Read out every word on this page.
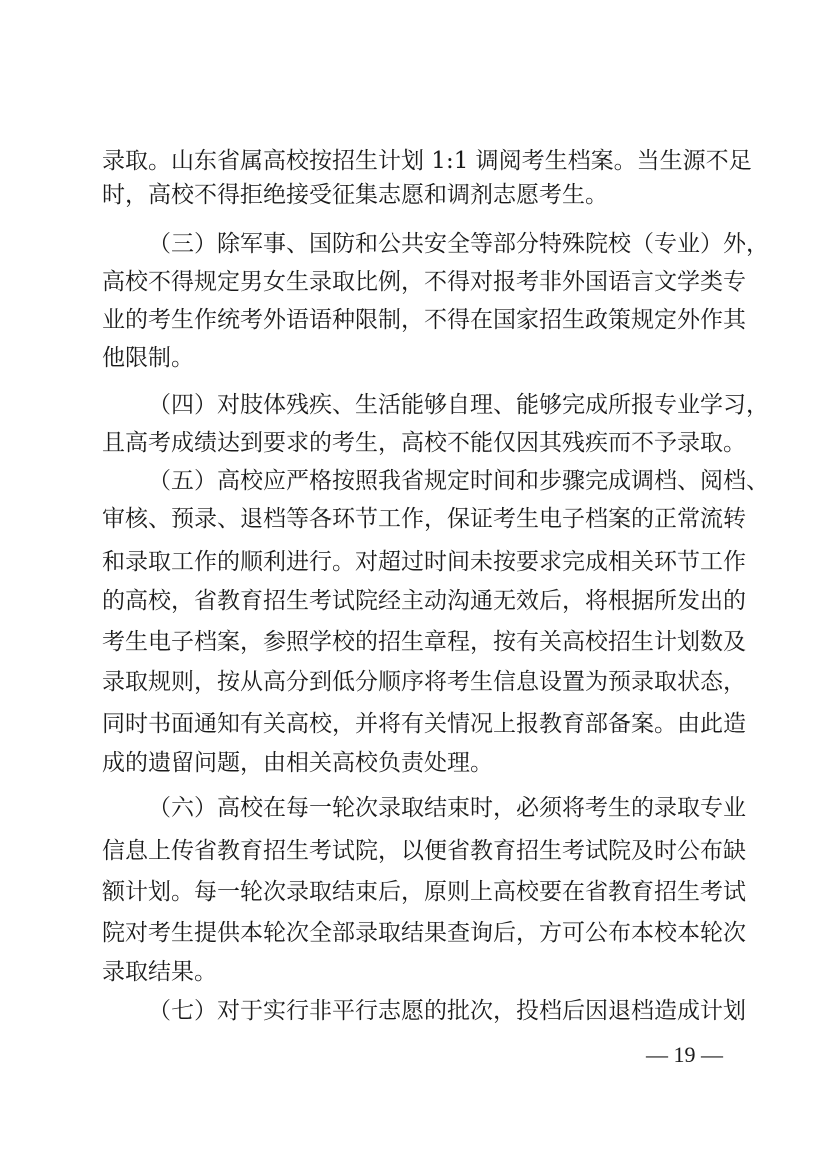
录取。山东省属高校按招生计划 1:1 调阅考生档案。当生源不足
时，高校不得拒绝接受征集志愿和调剂志愿考生。
（三）除军事、国防和公共安全等部分特殊院校（专业）外，
高校不得规定男女生录取比例，不得对报考非外国语言文学类专
业的考生作统考外语语种限制，不得在国家招生政策规定外作其
他限制。
（四）对肢体残疾、生活能够自理、能够完成所报专业学习，
且高考成绩达到要求的考生，高校不能仅因其残疾而不予录取。
（五）高校应严格按照我省规定时间和步骤完成调档、阅档、
审核、预录、退档等各环节工作，保证考生电子档案的正常流转
和录取工作的顺利进行。对超过时间未按要求完成相关环节工作
的高校，省教育招生考试院经主动沟通无效后，将根据所发出的
考生电子档案，参照学校的招生章程，按有关高校招生计划数及
录取规则，按从高分到低分顺序将考生信息设置为预录取状态，
同时书面通知有关高校，并将有关情况上报教育部备案。由此造
成的遗留问题，由相关高校负责处理。
（六）高校在每一轮次录取结束时，必须将考生的录取专业
信息上传省教育招生考试院，以便省教育招生考试院及时公布缺
额计划。每一轮次录取结束后，原则上高校要在省教育招生考试
院对考生提供本轮次全部录取结果查询后，方可公布本校本轮次
录取结果。
（七）对于实行非平行志愿的批次，投档后因退档造成计划
— 19 —
